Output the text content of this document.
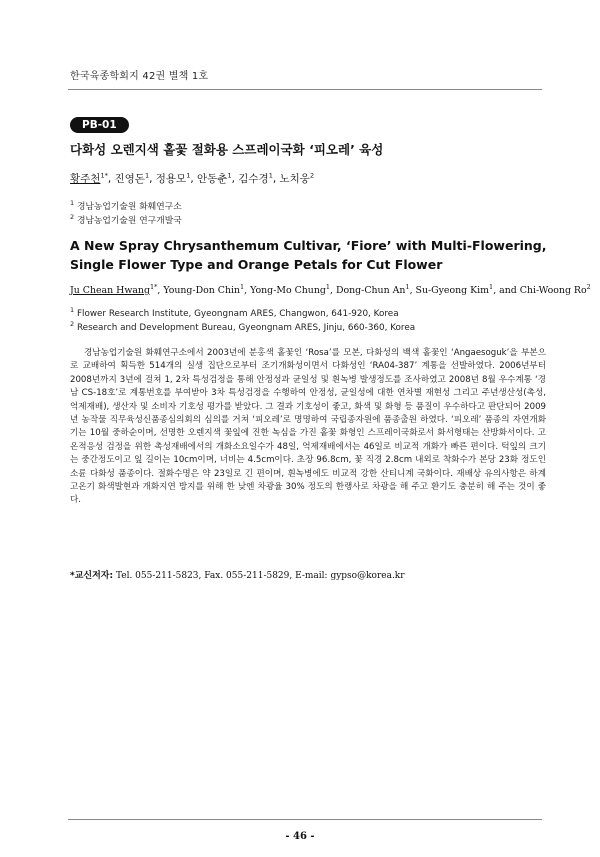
한국육종학회지 42권 별책 1호
PB-01
다화성 오렌지색 홑꽃 절화용 스프레이국화 ‘피오레’ 육성
황주천$^{1*}$, 진영돈$^1$, 정용모$^1$, 안동춘$^1$, 김수경$^1$, 노치웅$^2$
$^1$ 경남농업기술원 화훼연구소
$^2$ 경남농업기술원 연구개발국
A New Spray Chrysanthemum Cultivar, ‘Fiore’ with Multi-Flowering, Single Flower Type and Orange Petals for Cut Flower
Ju Chean Hwang$^{1*}$, Young-Don Chin$^1$, Yong-Mo Chung$^1$, Dong-Chun An$^1$, Su-Gyeong Kim$^1$, and Chi-Woong Ro$^2$
$^1$ Flower Research Institute, Gyeongnam ARES, Changwon, 641-920, Korea
$^2$ Research and Development Bureau, Gyeongnam ARES, Jinju, 660-360, Korea

경남농업기술원 화훼연구소에서 2003년에 분홍색 홑꽃인 ‘Rosa’를 모본, 다화성의 백색 홑꽃인 ‘Angaesoguk’을 부본으로 교배하여 획득한 514개의 실생 집단으로부터 조기개화성이면서 다화성인 ‘RA04-387’ 계통을 선발하였다. 2006년부터 2008년까지 3년에 걸쳐 1, 2차 특성검정을 통해 안정성과 균일성 및 흰녹병 발생정도를 조사하였고 2008년 8월 우수계통 ‘경남 CS-18호’로 계통번호를 부여받아 3차 특성검정을 수행하여 안정성, 균일성에 대한 연차별 재현성 그리고 주년생산성(촉성, 억제재배), 생산자 및 소비자 기호성 평가를 받았다. 그 결과 기호성이 좋고, 화색 및 화형 등 품질이 우수하다고 판단되어 2009년 농작물 직무육성신품종심의회의 심의를 거쳐 ‘피오레’로 명명하여 국립종자원에 품종출원 하였다. ‘피오레’ 품종의 자연개화기는 10월 중하순이며, 선명한 오렌지색 꽃잎에 진한 녹심을 가진 홑꽃 화형인 스프레이국화로서 화서형태는 산방화서이다. 고온적응성 검정을 위한 촉성재배에서의 개화소요일수가 48일, 억제재배에서는 46일로 비교적 개화가 빠른 편이다. 턱잎의 크기는 중간정도이고 잎 길이는 10cm이며, 너비는 4.5cm이다. 초장 96.8cm, 꽃 직경 2.8cm 내외로 착화수가 본당 23화 정도인 소륜 다화성 품종이다. 절화수명은 약 23일로 긴 편이며, 흰녹병에도 비교적 강한 산티니계 국화이다. 재배상 유의사항은 하계 고온기 화색발현과 개화지연 방지를 위해 한 낮엔 차광율 30% 정도의 한랭사로 차광을 해 주고 환기도 충분히 해 주는 것이 좋다.

*교신저자: Tel. 055-211-5823, Fax. 055-211-5829, E-mail: gypso@korea.kr
- 46 -
